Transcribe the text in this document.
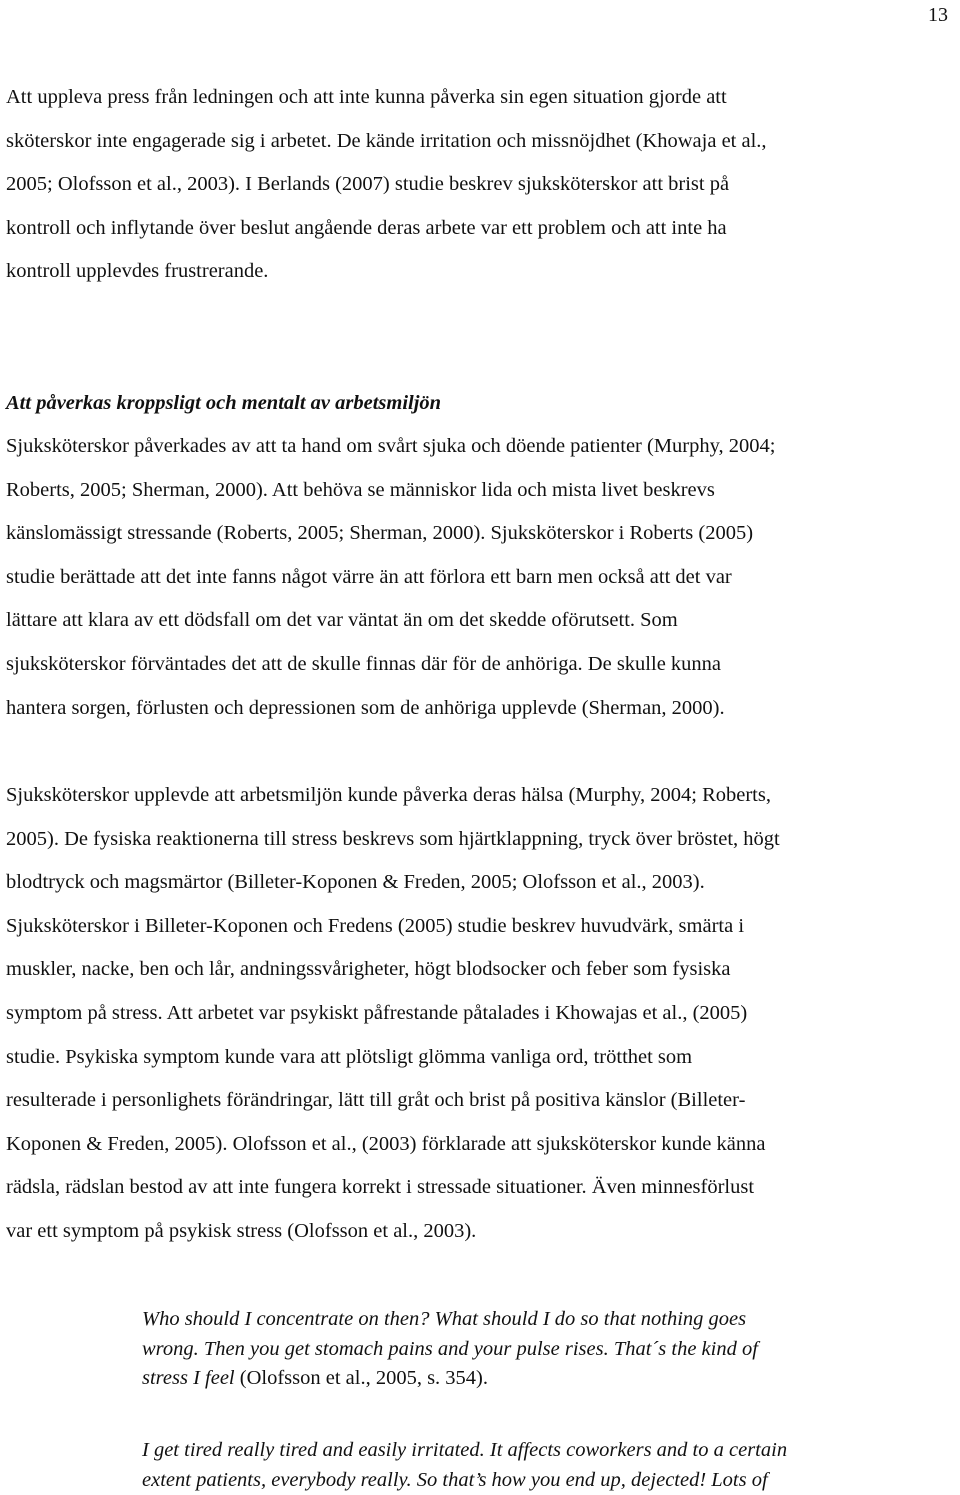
13

Att uppleva press från ledningen och att inte kunna påverka sin egen situation gjorde att
sköterskor inte engagerade sig i arbetet. De kände irritation och missnöjdhet (Khowaja et al.,
2005; Olofsson et al., 2003). I Berlands (2007) studie beskrev sjuksköterskor att brist på
kontroll och inflytande över beslut angående deras arbete var ett problem och att inte ha
kontroll upplevdes frustrerande.

Att påverkas kroppsligt och mentalt av arbetsmiljön

Sjuksköterskor påverkades av att ta hand om svårt sjuka och döende patienter (Murphy, 2004;
Roberts, 2005; Sherman, 2000). Att behöva se människor lida och mista livet beskrevs
känslomässigt stressande (Roberts, 2005; Sherman, 2000). Sjuksköterskor i Roberts (2005)
studie berättade att det inte fanns något värre än att förlora ett barn men också att det var
lättare att klara av ett dödsfall om det var väntat än om det skedde oförutsett. Som
sjuksköterskor förväntades det att de skulle finnas där för de anhöriga. De skulle kunna
hantera sorgen, förlusten och depressionen som de anhöriga upplevde (Sherman, 2000).

Sjuksköterskor upplevde att arbetsmiljön kunde påverka deras hälsa (Murphy, 2004; Roberts,
2005). De fysiska reaktionerna till stress beskrevs som hjärtklappning, tryck över bröstet, högt
blodtryck och magsmärtor (Billeter-Koponen & Freden, 2005; Olofsson et al., 2003).
Sjuksköterskor i Billeter-Koponen och Fredens (2005) studie beskrev huvudvärk, smärta i
muskler, nacke, ben och lår, andningssvårigheter, högt blodsocker och feber som fysiska
symptom på stress. Att arbetet var psykiskt påfrestande påtalades i Khowajas et al., (2005)
studie. Psykiska symptom kunde vara att plötsligt glömma vanliga ord, trötthet som
resulterade i personlighets förändringar, lätt till gråt och brist på positiva känslor (Billeter-
Koponen & Freden, 2005). Olofsson et al., (2003) förklarade att sjuksköterskor kunde känna
rädsla, rädslan bestod av att inte fungera korrekt i stressade situationer. Även minnesförlust
var ett symptom på psykisk stress (Olofsson et al., 2003).

Who should I concentrate on then? What should I do so that nothing goes
wrong. Then you get stomach pains and your pulse rises. That´s the kind of
stress I feel (Olofsson et al., 2005, s. 354).
I get tired really tired and easily irritated. It affects coworkers and to a certain
extent patients, everybody really. So that’s how you end up, dejected! Lots of
